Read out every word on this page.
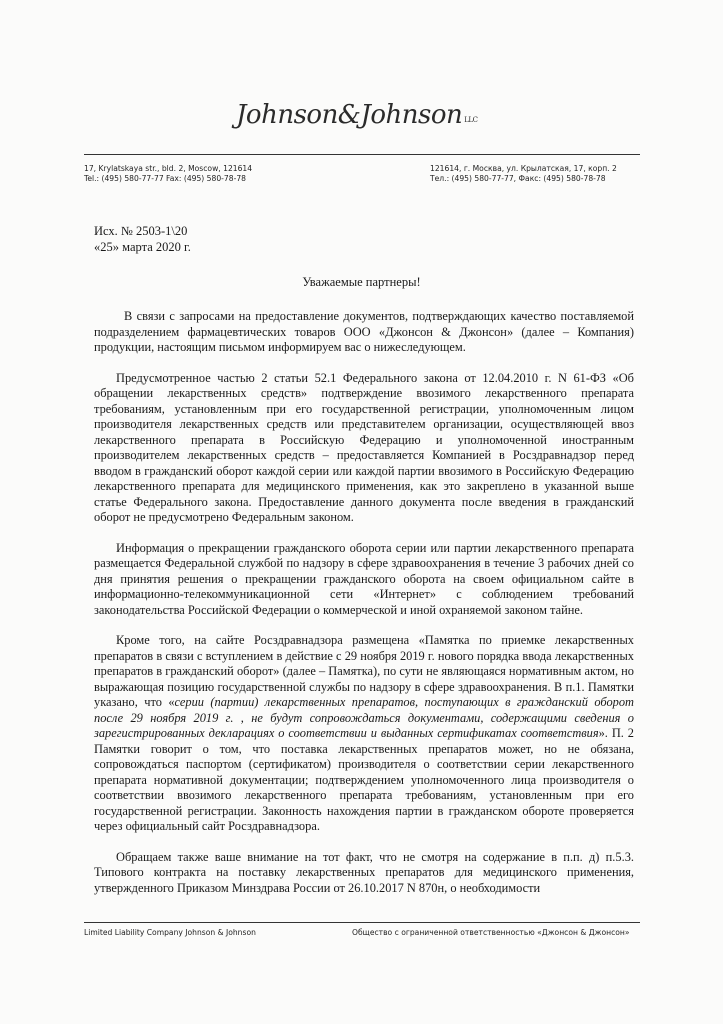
Johnson&Johnson LLC
17, Krylatskaya str., bld. 2, Moscow, 121614
Tel.: (495) 580-77-77 Fax: (495) 580-78-78
121614, г. Москва, ул. Крылатская, 17, корп. 2
Тел.: (495) 580-77-77, Факс: (495) 580-78-78
Исх. № 2503-1\20
«25» марта 2020 г.
Уважаемые партнеры!

В связи с запросами на предоставление документов, подтверждающих качество поставляемой подразделением фармацевтических товаров ООО «Джонсон & Джонсон» (далее – Компания) продукции, настоящим письмом информируем вас о нижеследующем.

Предусмотренное частью 2 статьи 52.1 Федерального закона от 12.04.2010 г. N 61-ФЗ «Об обращении лекарственных средств» подтверждение ввозимого лекарственного препарата требованиям, установленным при его государственной регистрации, уполномоченным лицом производителя лекарственных средств или представителем организации, осуществляющей ввоз лекарственного препарата в Российскую Федерацию и уполномоченной иностранным производителем лекарственных средств – предоставляется Компанией в Росздравнадзор перед вводом в гражданский оборот каждой серии или каждой партии ввозимого в Российскую Федерацию лекарственного препарата для медицинского применения, как это закреплено в указанной выше статье Федерального закона. Предоставление данного документа после введения в гражданский оборот не предусмотрено Федеральным законом.

Информация о прекращении гражданского оборота серии или партии лекарственного препарата размещается Федеральной службой по надзору в сфере здравоохранения в течение 3 рабочих дней со дня принятия решения о прекращении гражданского оборота на своем официальном сайте в информационно-телекоммуникационной сети «Интернет» с соблюдением требований законодательства Российской Федерации о коммерческой и иной охраняемой законом тайне.

Кроме того, на сайте Росздравнадзора размещена «Памятка по приемке лекарственных препаратов в связи с вступлением в действие с 29 ноября 2019 г. нового порядка ввода лекарственных препаратов в гражданский оборот» (далее – Памятка), по сути не являющаяся нормативным актом, но выражающая позицию государственной службы по надзору в сфере здравоохранения. В п.1. Памятки указано, что «серии (партии) лекарственных препаратов, поступающих в гражданский оборот после 29 ноября 2019 г. , не будут сопровождаться документами, содержащими сведения о зарегистрированных декларациях о соответствии и выданных сертификатах соответствия». П. 2 Памятки говорит о том, что поставка лекарственных препаратов может, но не обязана, сопровождаться паспортом (сертификатом) производителя о соответствии серии лекарственного препарата нормативной документации; подтверждением уполномоченного лица производителя о соответствии ввозимого лекарственного препарата требованиям, установленным при его государственной регистрации. Законность нахождения партии в гражданском обороте проверяется через официальный сайт Росздравнадзора.

Обращаем также ваше внимание на тот факт, что не смотря на содержание в п.п. д) п.5.3. Типового контракта на поставку лекарственных препаратов для медицинского применения, утвержденного Приказом Минздрава России от 26.10.2017 N 870н, о необходимости

Limited Liability Company Johnson & Johnson	Общество с ограниченной ответственностью «Джонсон & Джонсон»
